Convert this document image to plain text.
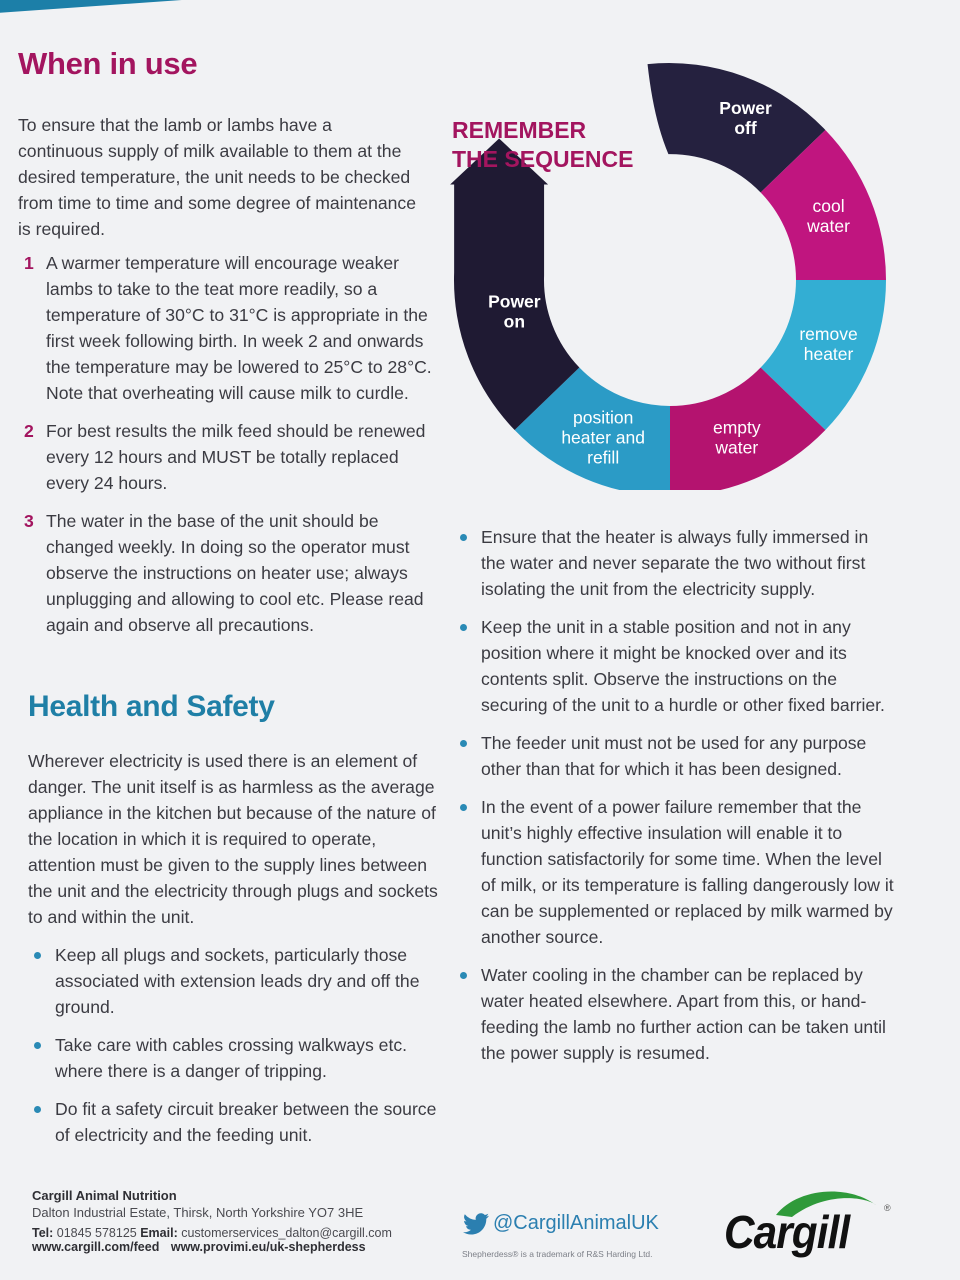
When in use

To ensure that the lamb or lambs have a continuous supply of milk available to them at the desired temperature, the unit needs to be checked from time to time and some degree of maintenance is required.

1 A warmer temperature will encourage weaker lambs to take to the teat more readily, so a temperature of 30°C to 31°C is appropriate in the first week following birth. In week 2 and onwards the temperature may be lowered to 25°C to 28°C. Note that overheating will cause milk to curdle.
2 For best results the milk feed should be renewed every 12 hours and MUST be totally replaced every 24 hours.
3 The water in the base of the unit should be changed weekly. In doing so the operator must observe the instructions on heater use; always unplugging and allowing to cool etc. Please read again and observe all precautions.
Health and Safety

Wherever electricity is used there is an element of danger. The unit itself is as harmless as the average appliance in the kitchen but because of the nature of the location in which it is required to operate, attention must be given to the supply lines between the unit and the electricity through plugs and sockets to and within the unit.

Keep all plugs and sockets, particularly those associated with extension leads dry and off the ground.
Take care with cables crossing walkways etc. where there is a danger of tripping.
Do fit a safety circuit breaker between the source of electricity and the feeding unit.
Ensure that the heater is always fully immersed in the water and never separate the two without first isolating the unit from the electricity supply.
Keep the unit in a stable position and not in any position where it might be knocked over and its contents split. Observe the instructions on the securing of the unit to a hurdle or other fixed barrier.
The feeder unit must not be used for any purpose other than that for which it has been designed.
In the event of a power failure remember that the unit’s highly effective insulation will enable it to function satisfactorily for some time. When the level of milk, or its temperature is falling dangerously low it can be supplemented or replaced by milk warmed by another source.
Water cooling in the chamber can be replaced by water heated elsewhere. Apart from this, or hand-feeding the lamb no further action can be taken until the power supply is resumed.
Power off
cool water
remove heater
empty water
position heater and refill
Power on
REMEMBER
THE SEQUENCE

Cargill Animal Nutrition

Dalton Industrial Estate, Thirsk, North Yorkshire YO7 3HE

Tel: 01845 578125 Email: customerservices_dalton@cargill.com

www.cargill.com/feed www.provimi.eu/uk-shepherdess

@CargillAnimalUK
Shepherdess® is a trademark of R&S Harding Ltd. Cargill	®
